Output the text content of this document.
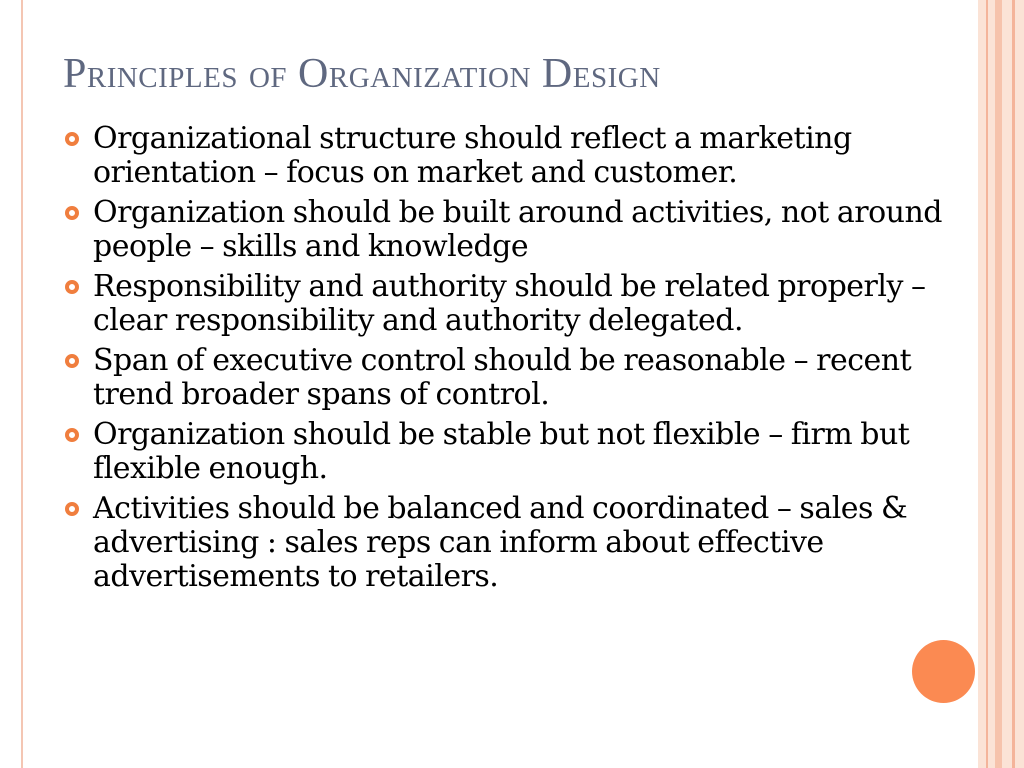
Principles of Organization Design
Organizational structure should reflect a marketing orientation – focus on market and customer.
Organization should be built around activities, not around people – skills and knowledge
Responsibility and authority should be related properly –clear responsibility and authority delegated.
Span of executive control should be reasonable – recent trend broader spans of control.
Organization should be stable but not flexible – firm but flexible enough.
Activities should be balanced and coordinated – sales & advertising : sales reps can inform about effective advertisements to retailers.
